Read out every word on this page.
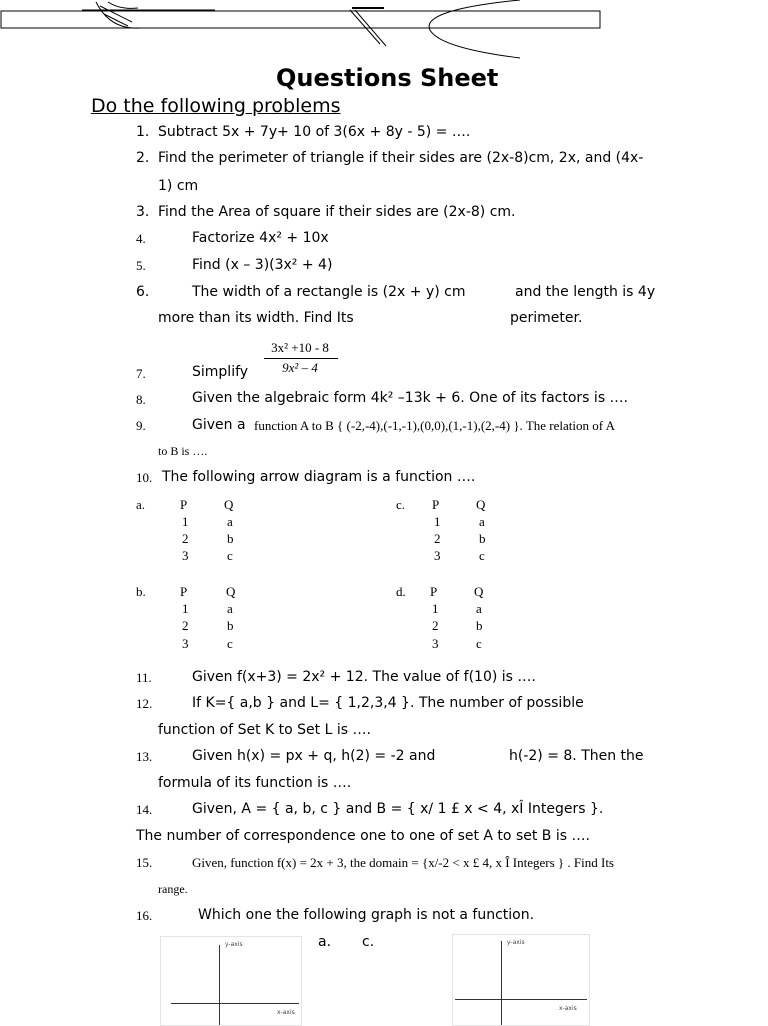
Questions Sheet
Do the following problems
1. Subtract 5x + 7y+ 10 of 3(6x + 8y - 5) = ….
2. Find the perimeter of triangle if their sides are (2x-8)cm, 2x, and (4x-
1) cm
3. Find the Area of square if their sides are (2x-8) cm.
4.	Factorize 4x² + 10x
5.	Find (x – 3)(3x² + 4)
6.	The width of a rectangle is (2x + y) cm	and the length is 4y
more than its width. Find Its	perimeter.
7.	Simplify
3x² +10 - 8
9x² – 4
8.	Given the algebraic form 4k² –13k + 6. One of its factors is ….
9.	Given a function A to B { (-2,-4),(-1,-1),(0,0),(1,-1),(2,-4) }. The relation of A
to B is ….
10. The following arrow diagram is a function ….
a.	P	Q
1
2
3
a
b
c
c. P	Q
1
2
3
a
b
c
b.	P	Q
1
2
3
a
b
c
d. P	Q
1
2
3
a
b
c
11.	Given f(x+3) = 2x² + 12. The value of f(10) is ….
12.	If K={ a,b } and L= { 1,2,3,4 }. The number of possible
function of Set K to Set L is ….
13.	Given h(x) = px + q, h(2) = -2 and	h(-2) = 8. Then the
formula of its function is ….
14.	Given, A = { a, b, c } and B = { x/ 1 £ x < 4, xÎ Integers }.
The number of correspondence one to one of set A to set B is ….
15.	Given, function f(x) = 2x + 3, the domain = {x/-2 < x £ 4, x Î Integers } . Find Its
range.
16.	Which one the following graph is not a function.
a. c.
y-axis
x-axis
y-axis
x-axis
